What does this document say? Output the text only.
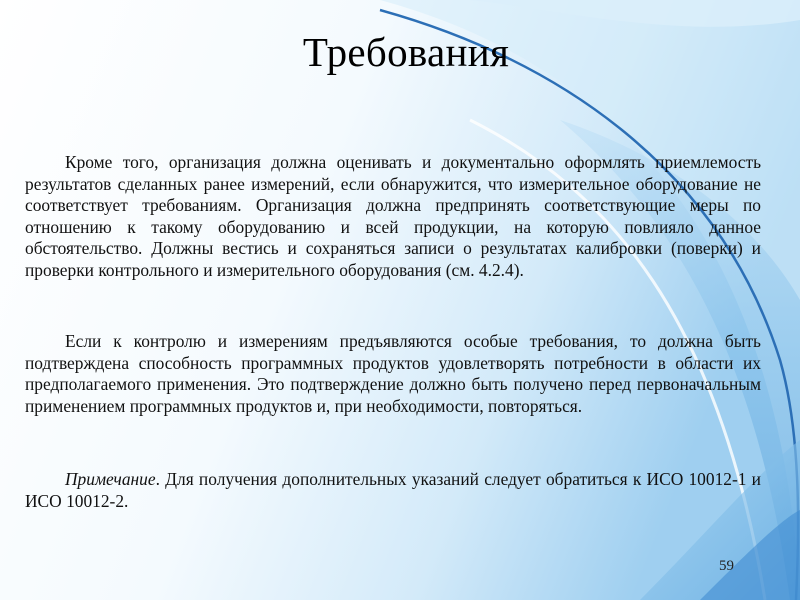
Требования

Кроме того, организация должна оценивать и документально оформлять приемлемость результатов сделанных ранее измерений, если обнаружится, что измерительное оборудование не соответствует требованиям. Организация должна предпринять соответствующие меры по отношению к такому оборудованию и всей продукции, на которую повлияло данное обстоятельство. Должны вестись и сохраняться записи о результатах калибровки (поверки) и проверки контрольного и измерительного оборудования (см. 4.2.4).

Если к контролю и измерениям предъявляются особые требования, то должна быть подтверждена способность программных продуктов удовлетворять потребности в области их предполагаемого применения. Это подтверждение должно быть получено перед первоначальным применением программных продуктов и, при необходимости, повторяться.

Примечание. Для получения дополнительных указаний следует обратиться к ИСО 10012-1 и ИСО 10012-2.

59
